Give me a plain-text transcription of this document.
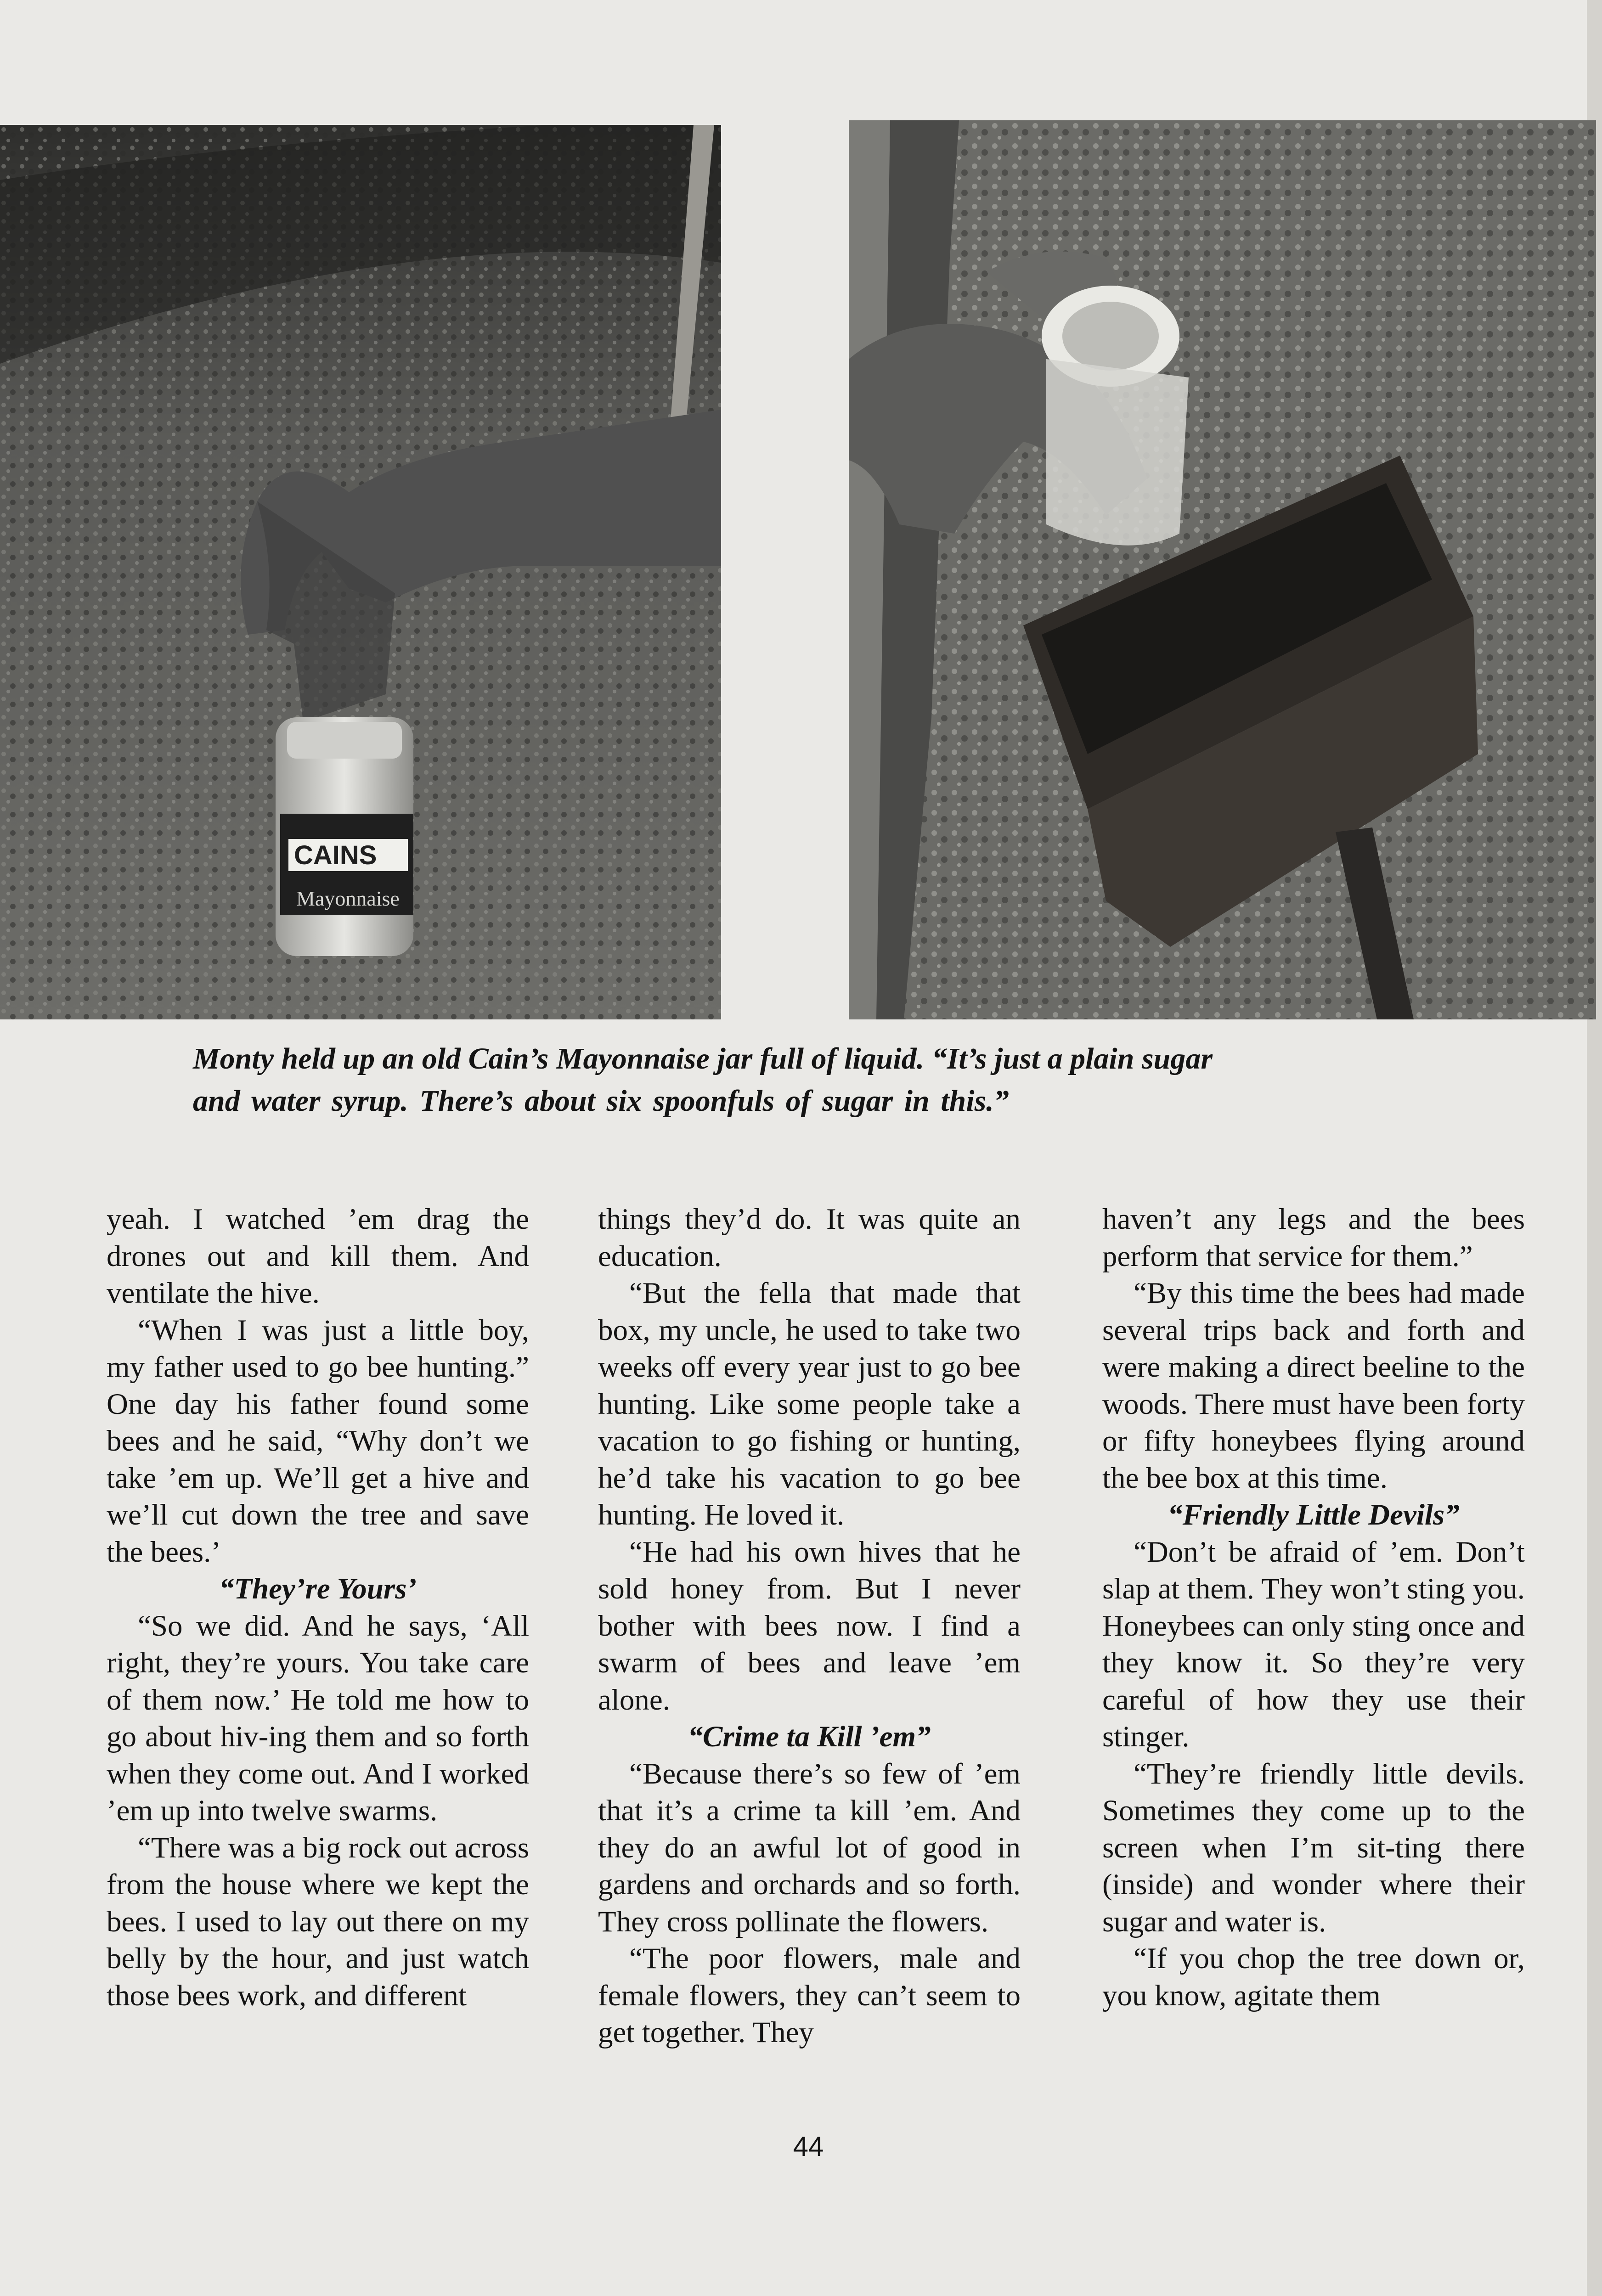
CAINS
Mayonnaise
Monty held up an old Cain’s Mayonnaise jar full of liquid. “It’s just a plain sugar
and water syrup. There’s about six spoonfuls of sugar in this.”

yeah. I watched ’em drag the drones out and kill them. And ventilate the hive.

“When I was just a little boy, my father used to go bee hunting.” One day his father found some bees and he said, “Why don’t we take ’em up. We’ll get a hive and we’ll cut down the tree and save the bees.’

“They’re Yours’

“So we did. And he says, ‘All right, they’re yours. You take care of them now.’ He told me how to go about hiv-ing them and so forth when they come out. And I worked ’em up into twelve swarms.

“There was a big rock out across from the house where we kept the bees. I used to lay out there on my belly by the hour, and just watch those bees work, and different

things they’d do. It was quite an education.

“But the fella that made that box, my uncle, he used to take two weeks off every year just to go bee hunting. Like some people take a vacation to go fishing or hunting, he’d take his vacation to go bee hunting. He loved it.

“He had his own hives that he sold honey from. But I never bother with bees now. I find a swarm of bees and leave ’em alone.

“Crime ta Kill ’em”

“Because there’s so few of ’em that it’s a crime ta kill ’em. And they do an awful lot of good in gardens and orchards and so forth. They cross pollinate the flowers.

“The poor flowers, male and female flowers, they can’t seem to get together. They

haven’t any legs and the bees perform that service for them.”

“By this time the bees had made several trips back and forth and were making a direct beeline to the woods. There must have been forty or fifty honeybees flying around the bee box at this time.

“Friendly Little Devils”

“Don’t be afraid of ’em. Don’t slap at them. They won’t sting you. Honeybees can only sting once and they know it. So they’re very careful of how they use their stinger.

“They’re friendly little devils. Sometimes they come up to the screen when I’m sit-ting there (inside) and wonder where their sugar and water is.

“If you chop the tree down or, you know, agitate them

44
